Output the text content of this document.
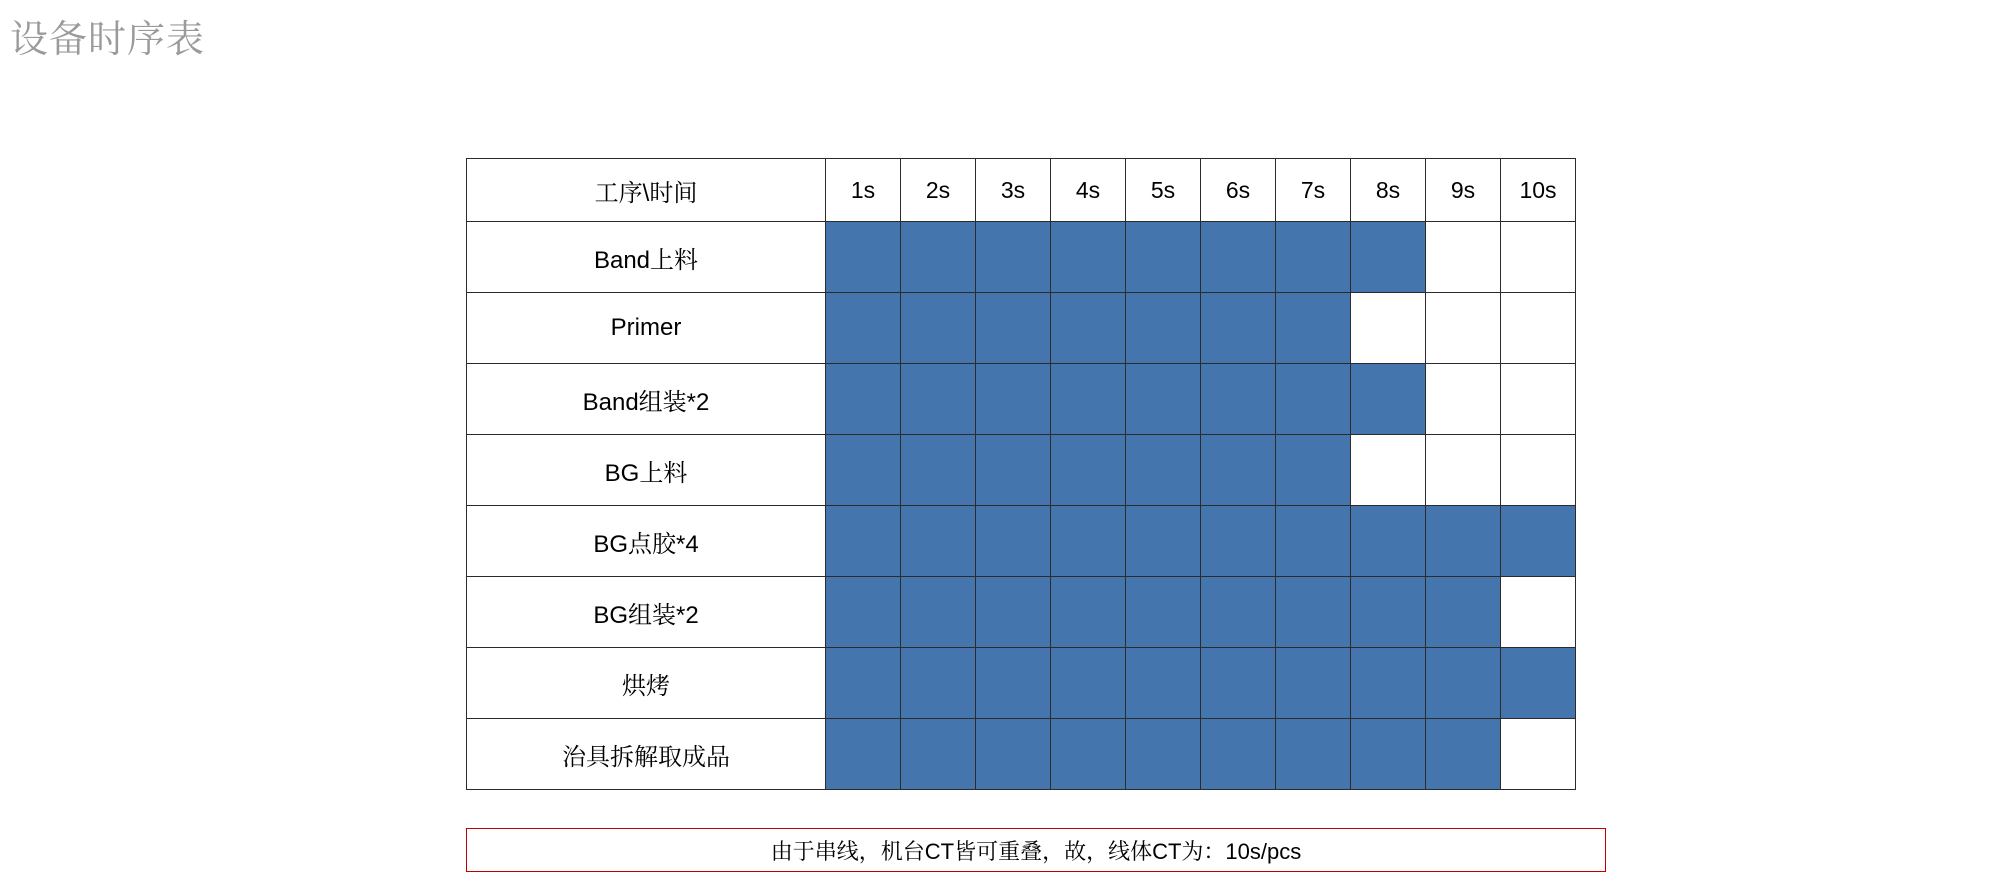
设备时序表
工序\时间	1s	2s	3s	4s	5s	6s	7s	8s	9s	10s
Band上料										
Primer										
Band组装*2										
BG上料										
BG点胶*4										
BG组装*2										
烘烤										
治具拆解取成品										
由于串线，机台CT皆可重叠，故，线体CT为：10s/pcs
